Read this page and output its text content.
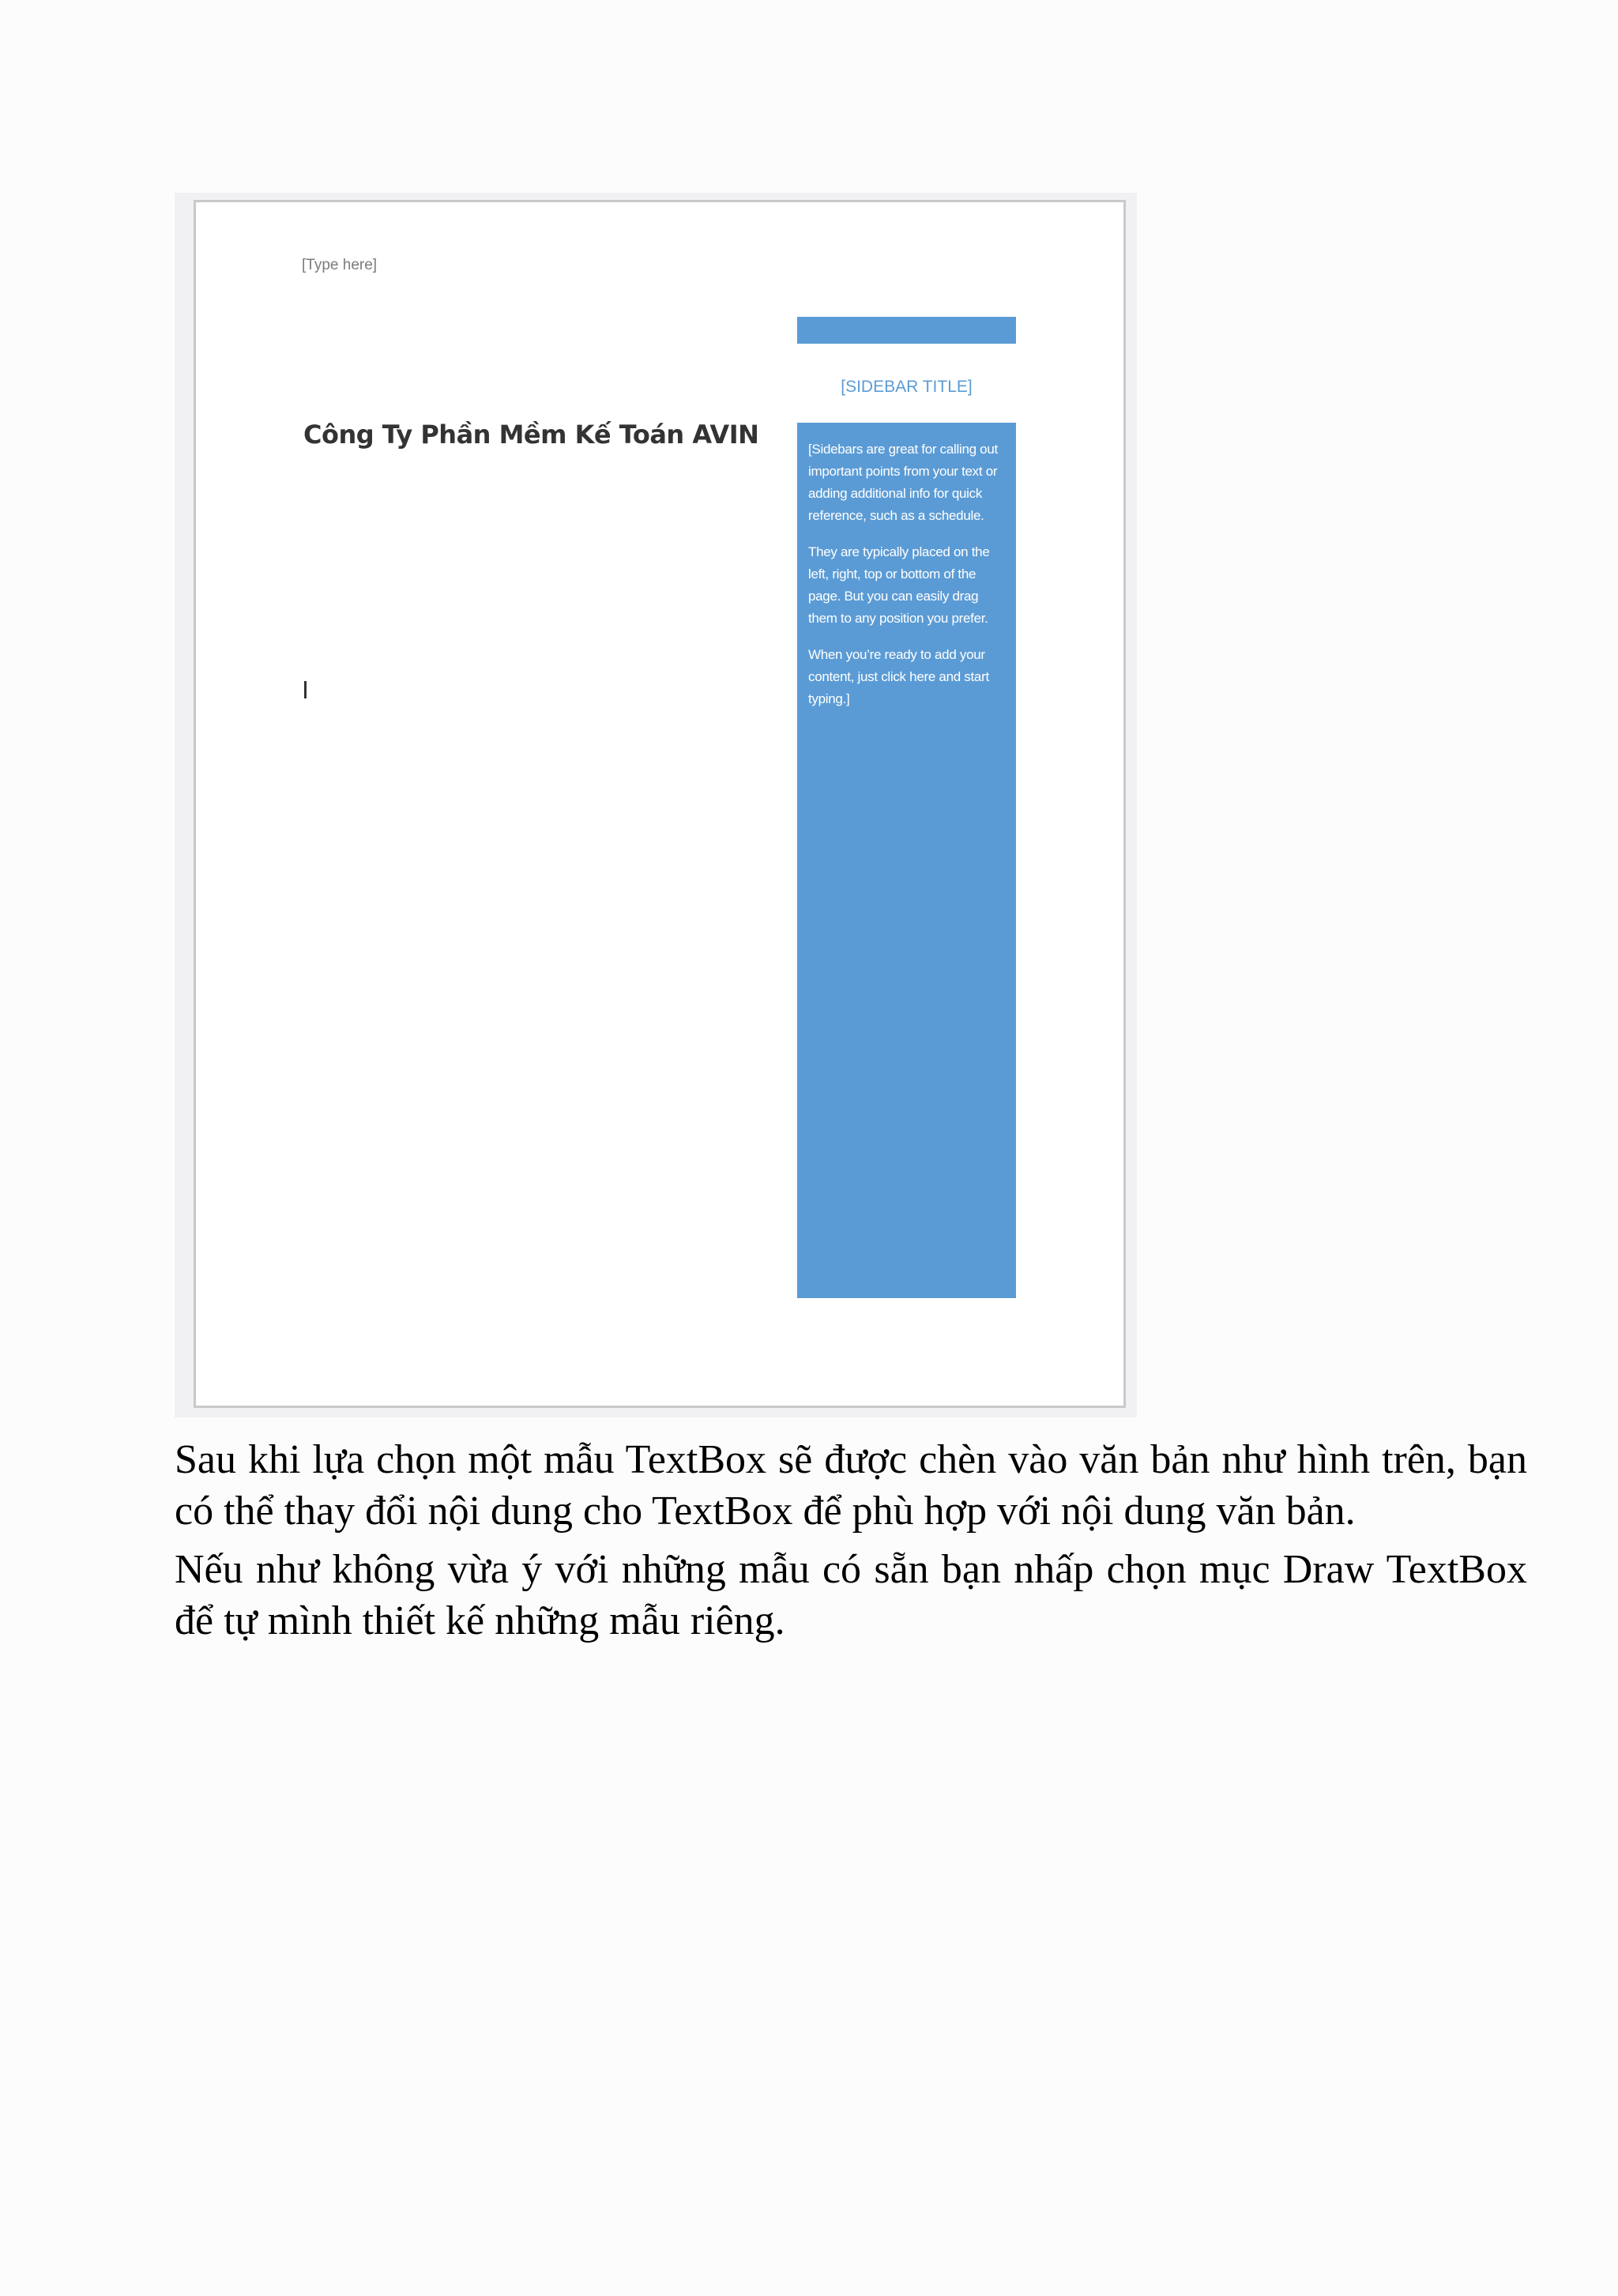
[Type here]
Công Ty Phần Mềm Kế Toán AVIN
[SIDEBAR TITLE]

[Sidebars are great for calling out important points from your text or adding additional info for quick reference, such as a schedule.

They are typically placed on the left, right, top or bottom of the page. But you can easily drag them to any position you prefer.

When you’re ready to add your content, just click here and start typing.]

Sau khi lựa chọn một mẫu TextBox sẽ được chèn vào văn bản như hình trên, bạn có thể thay đổi nội dung cho TextBox để phù hợp với nội dung văn bản.

Nếu như không vừa ý với những mẫu có sẵn bạn nhấp chọn mục Draw TextBox để tự mình thiết kế những mẫu riêng.
